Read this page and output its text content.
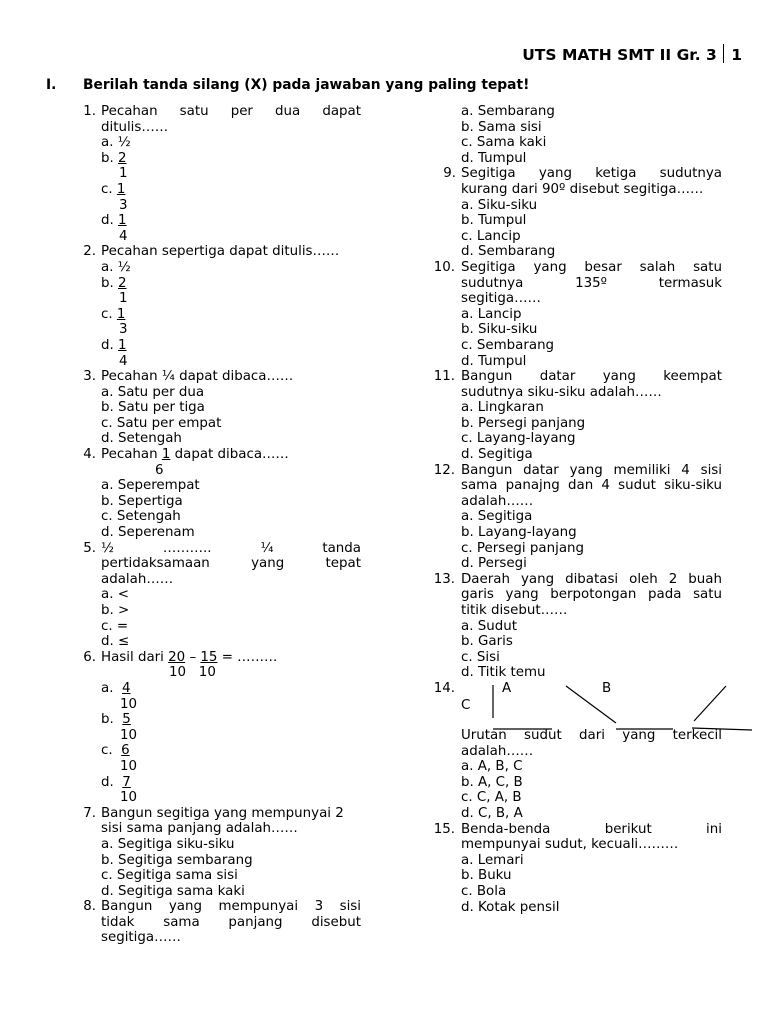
UTS MATH SMT II Gr. 3 1
I. Berilah tanda silang (X) pada jawaban yang paling tepat!
1. Pecahan satu per dua dapat
ditulis……
a. ½
b. 2
1
c. 1
3
d. 1
4
2. Pecahan sepertiga dapat ditulis……
a. ½
b. 2
1
c. 1
3
d. 1
4
3. Pecahan ¼ dapat dibaca……
a. Satu per dua
b. Satu per tiga
c. Satu per empat
d. Setengah
4. Pecahan 1 dapat dibaca……
6
a. Seperempat
b. Sepertiga
c. Setengah
d. Seperenam
5. ½ ……….. ¼ tanda
pertidaksamaan yang tepat
adalah……
a. <
b. >
c. =
d. ≤
6. Hasil dari 20 – 15 = ………
10   10
a.  4
10
b.  5
10
c.  6
10
d.  7
10
7. Bangun segitiga yang mempunyai 2
sisi sama panjang adalah……
a. Segitiga siku-siku
b. Segitiga sembarang
c. Segitiga sama sisi
d. Segitiga sama kaki
8. Bangun yang mempunyai 3 sisi
tidak sama panjang disebut
segitiga……
a. Sembarang
b. Sama sisi
c. Sama kaki
d. Tumpul
9. Segitiga yang ketiga sudutnya
kurang dari 90º disebut segitiga……
a. Siku-siku
b. Tumpul
c. Lancip
d. Sembarang
10. Segitiga yang besar salah satu
sudutnya 135º termasuk
segitiga……
a. Lancip
b. Siku-siku
c. Sembarang
d. Tumpul
11. Bangun datar yang keempat
sudutnya siku-siku adalah……
a. Lingkaran
b. Persegi panjang
c. Layang-layang
d. Segitiga
12. Bangun datar yang memiliki 4 sisi
sama panajng dan 4 sudut siku-siku
adalah……
a. Segitiga
b. Layang-layang
c. Persegi panjang
d. Persegi
13. Daerah yang dibatasi oleh 2 buah
garis yang berpotongan pada satu
titik disebut……
a. Sudut
b. Garis
c. Sisi
d. Titik temu
14.
	A	B
C
Urutan sudut dari yang terkecil
adalah……
a. A, B, C
b. A, C, B
c. C, A, B
d. C, B, A
15. Benda-benda berikut ini
mempunyai sudut, kecuali………
a. Lemari
b. Buku
c. Bola
d. Kotak pensil
